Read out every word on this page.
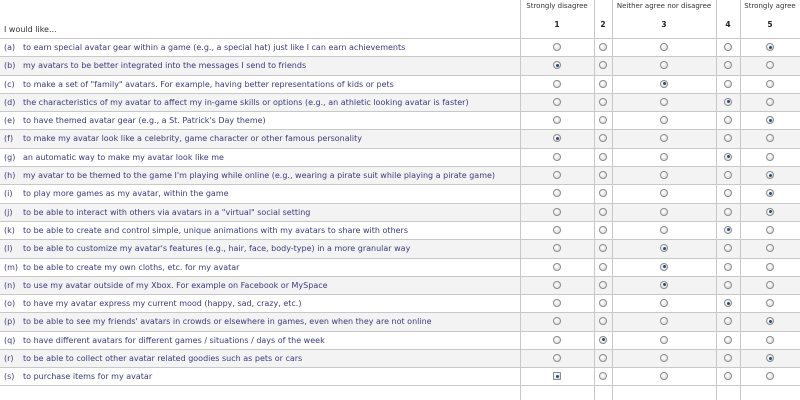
I would like...
Strongly disagree
1	2
Neither agree nor disagree
3	4
Strongly agree
5
(a) to earn special avatar gear within a game (e.g., a special hat) just like I can earn achievements
(b) my avatars to be better integrated into the messages I send to friends
(c) to make a set of "family" avatars. For example, having better representations of kids or pets
(d) the characteristics of my avatar to affect my in-game skills or options (e.g., an athletic looking avatar is faster)
(e) to have themed avatar gear (e.g., a St. Patrick's Day theme)
(f) to make my avatar look like a celebrity, game character or other famous personality
(g) an automatic way to make my avatar look like me
(h) my avatar to be themed to the game I'm playing while online (e.g., wearing a pirate suit while playing a pirate game)
(i) to play more games as my avatar, within the game
(j) to be able to interact with others via avatars in a "virtual" social setting
(k) to be able to create and control simple, unique animations with my avatars to share with others
(l) to be able to customize my avatar's features (e.g., hair, face, body-type) in a more granular way
(m) to be able to create my own cloths, etc. for my avatar
(n) to use my avatar outside of my Xbox. For example on Facebook or MySpace
(o) to have my avatar express my current mood (happy, sad, crazy, etc.)
(p) to be able to see my friends' avatars in crowds or elsewhere in games, even when they are not online
(q) to have different avatars for different games / situations / days of the week
(r) to be able to collect other avatar related goodies such as pets or cars
(s) to purchase items for my avatar
